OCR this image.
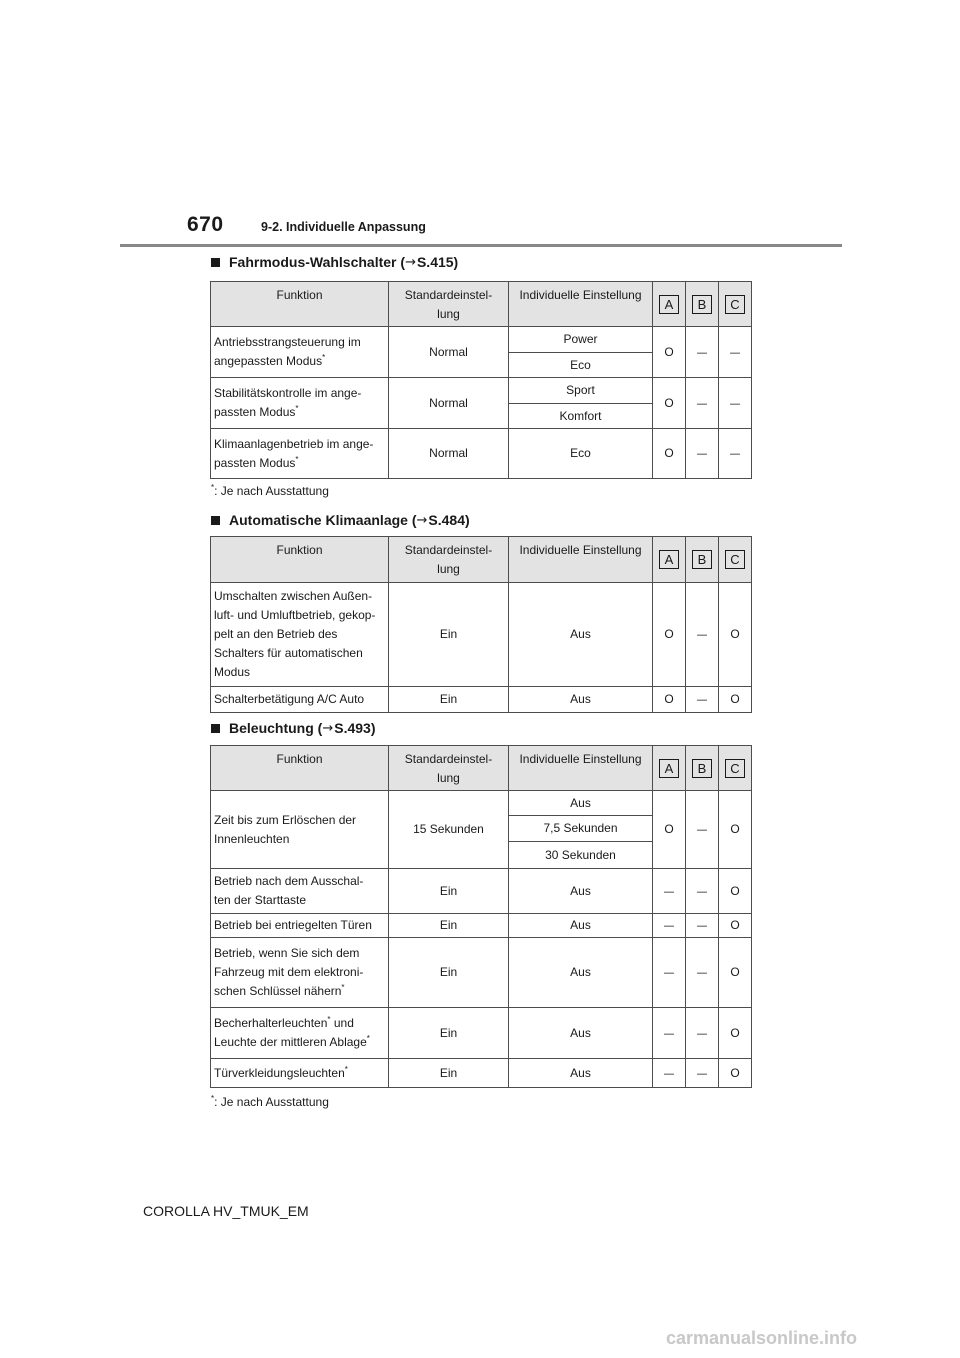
670	9-2. Individuelle Anpassung
Fahrmodus-Wahlschalter ( → S.415)
Funktion	Standardeinstel-
lung	Individuelle Einstellung	A	B	C
Antriebsstrangsteuerung im
angepassten Modus*	Normal	Power	O	—	—
		Eco			
Stabilitätskontrolle im ange-
passten Modus*	Normal	Sport	O	—	—
		Komfort			
Klimaanlagenbetrieb im ange-
passten Modus*	Normal	Eco	O	—	—
*: Je nach Ausstattung
Automatische Klimaanlage ( → S.484)
Funktion	Standardeinstel-
lung	Individuelle Einstellung	A	B	C
Umschalten zwischen Außen-
luft- und Umluftbetrieb, gekop-
pelt an den Betrieb des
Schalters für automatischen
Modus	Ein	Aus	O	—	O
Schalterbetätigung A/C Auto	Ein	Aus	O	—	O
Beleuchtung ( → S.493)
Funktion	Standardeinstel-
lung	Individuelle Einstellung	A	B	C
Zeit bis zum Erlöschen der
Innenleuchten	15 Sekunden	Aus	O	—	O
		7,5 Sekunden			
		30 Sekunden			
Betrieb nach dem Ausschal-
ten der Starttaste	Ein	Aus	—	—	O
Betrieb bei entriegelten Türen	Ein	Aus	—	—	O
Betrieb, wenn Sie sich dem
Fahrzeug mit dem elektroni-
schen Schlüssel nähern*	Ein	Aus	—	—	O
Becherhalterleuchten* und
Leuchte der mittleren Ablage*	Ein	Aus	—	—	O
Türverkleidungsleuchten*	Ein	Aus	—	—	O
*: Je nach Ausstattung
COROLLA HV_TMUK_EM
carmanualsonline.info
